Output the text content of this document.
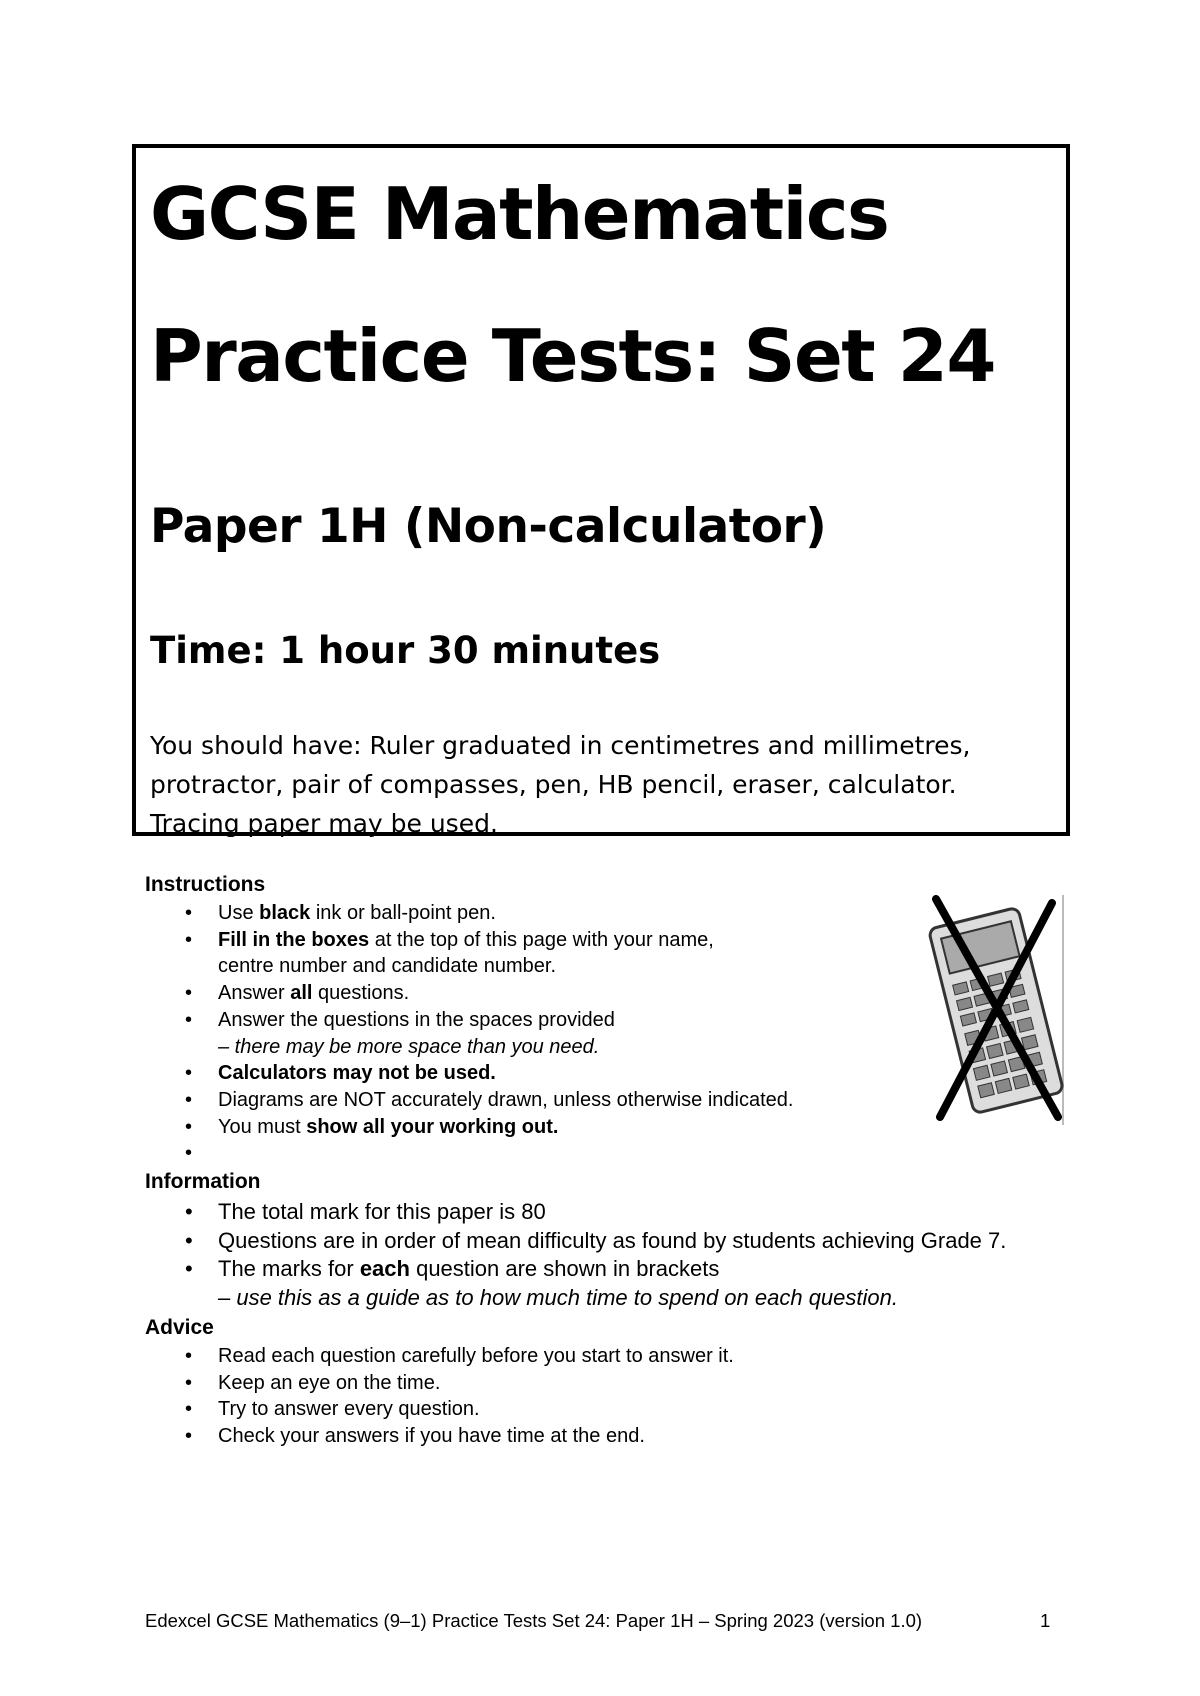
GCSE Mathematics
Practice Tests: Set 24
Paper 1H (Non-calculator)
Time: 1 hour 30 minutes
You should have: Ruler graduated in centimetres and millimetres,
protractor, pair of compasses, pen, HB pencil, eraser, calculator.
Tracing paper may be used.
Instructions
• Use black ink or ball-point pen.
• Fill in the boxes at the top of this page with your name,
centre number and candidate number.
• Answer all questions.
• Answer the questions in the spaces provided
– there may be more space than you need.
• Calculators may not be used.
• Diagrams are NOT accurately drawn, unless otherwise indicated.
• You must show all your working out.
•
Information
• The total mark for this paper is 80
• Questions are in order of mean difficulty as found by students achieving Grade 7.
• The marks for each question are shown in brackets
– use this as a guide as to how much time to spend on each question.
Advice
• Read each question carefully before you start to answer it.
• Keep an eye on the time.
• Try to answer every question.
• Check your answers if you have time at the end.
Edexcel GCSE Mathematics (9–1) Practice Tests Set 24: Paper 1H – Spring 2023 (version 1.0)	1
